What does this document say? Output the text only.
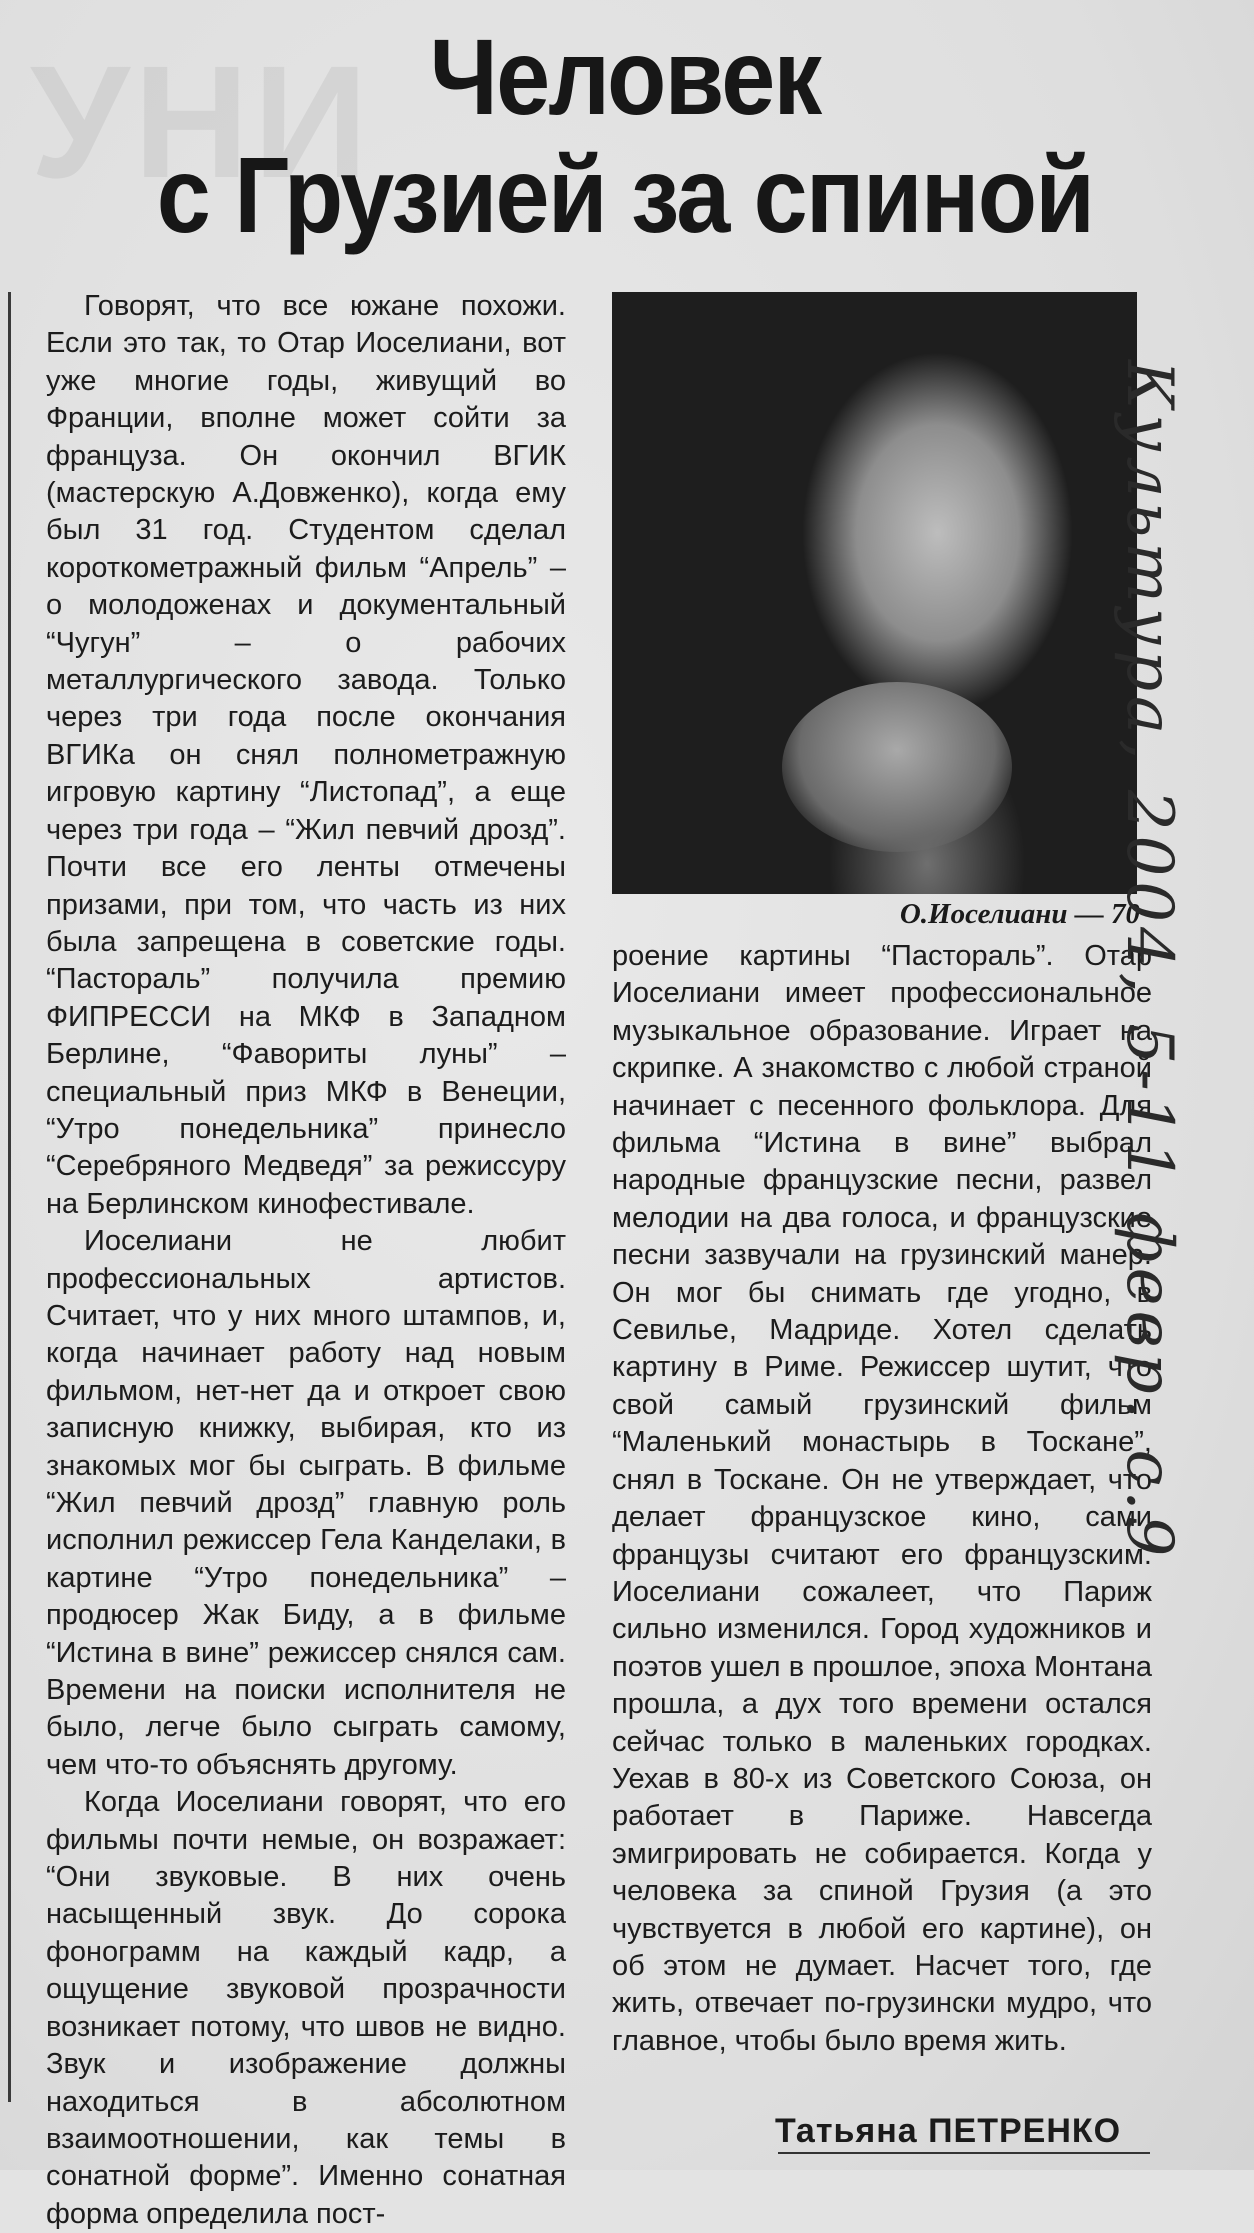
УНИ Человек
с Грузией за спиной

Говорят, что все южане похожи. Если это так, то Отар Иоселиани, вот уже многие годы, живущий во Франции, вполне может сойти за француза. Он окончил ВГИК (мастерскую А.Довженко), когда ему был 31 год. Студентом сделал короткометражный фильм “Апрель” – о молодоженах и документальный “Чугун” – о рабочих металлургического завода. Только через три года после окончания ВГИКа он снял полнометражную игровую картину “Листопад”, а еще через три года – “Жил певчий дрозд”. Почти все его ленты отмечены призами, при том, что часть из них была запрещена в советские годы. “Пастораль” получила премию ФИПРЕССИ на МКФ в Западном Берлине, “Фавориты луны” – специальный приз МКФ в Венеции, “Утро понедельника” принесло “Серебряного Медведя” за режиссуру на Берлинском кинофестивале.

Иоселиани не любит профессиональных артистов. Считает, что у них много штампов, и, когда начинает работу над новым фильмом, нет-нет да и откроет свою записную книжку, выбирая, кто из знакомых мог бы сыграть. В фильме “Жил певчий дрозд” главную роль исполнил режиссер Гела Канделаки, в картине “Утро понедельника” – продюсер Жак Биду, а в фильме “Истина в вине” режиссер снялся сам. Времени на поиски исполнителя не было, легче было сыграть самому, чем что-то объяснять другому.

Когда Иоселиани говорят, что его фильмы почти немые, он возражает: “Они звуковые. В них очень насыщенный звук. До сорока фонограмм на каждый кадр, а ощущение звуковой прозрачности возникает потому, что швов не видно. Звук и изображение должны находиться в абсолютном взаимоотношении, как темы в сонатной форме”. Именно сонатная форма определила пост-

О.Иоселиани — 70

роение картины “Пастораль”. Отар Иоселиани имеет профессиональное музыкальное образование. Играет на скрипке. А знакомство с любой страной начинает с песенного фольклора. Для фильма “Истина в вине” выбрал народные французские песни, развел мелодии на два голоса, и французские песни зазвучали на грузинский манер. Он мог бы снимать где угодно, в Севилье, Мадриде. Хотел сделать картину в Риме. Режиссер шутит, что свой самый грузинский фильм “Маленький монастырь в Тоскане”, снял в Тоскане. Он не утверждает, что делает французское кино, сами французы считают его французским. Иоселиани сожалеет, что Париж сильно изменился. Город художников и поэтов ушел в прошлое, эпоха Монтана прошла, а дух того времени остался сейчас только в маленьких городках. Уехав в 80-х из Советского Союза, он работает в Париже. Навсегда эмигрировать не собирается. Когда у человека за спиной Грузия (а это чувствуется в любой его картине), он об этом не думает. Насчет того, где жить, отвечает по-грузински мудро, что главное, чтобы было время жить.

Татьяна ПЕТРЕНКО
Культура, 2004, 5-11 февр. с.9
